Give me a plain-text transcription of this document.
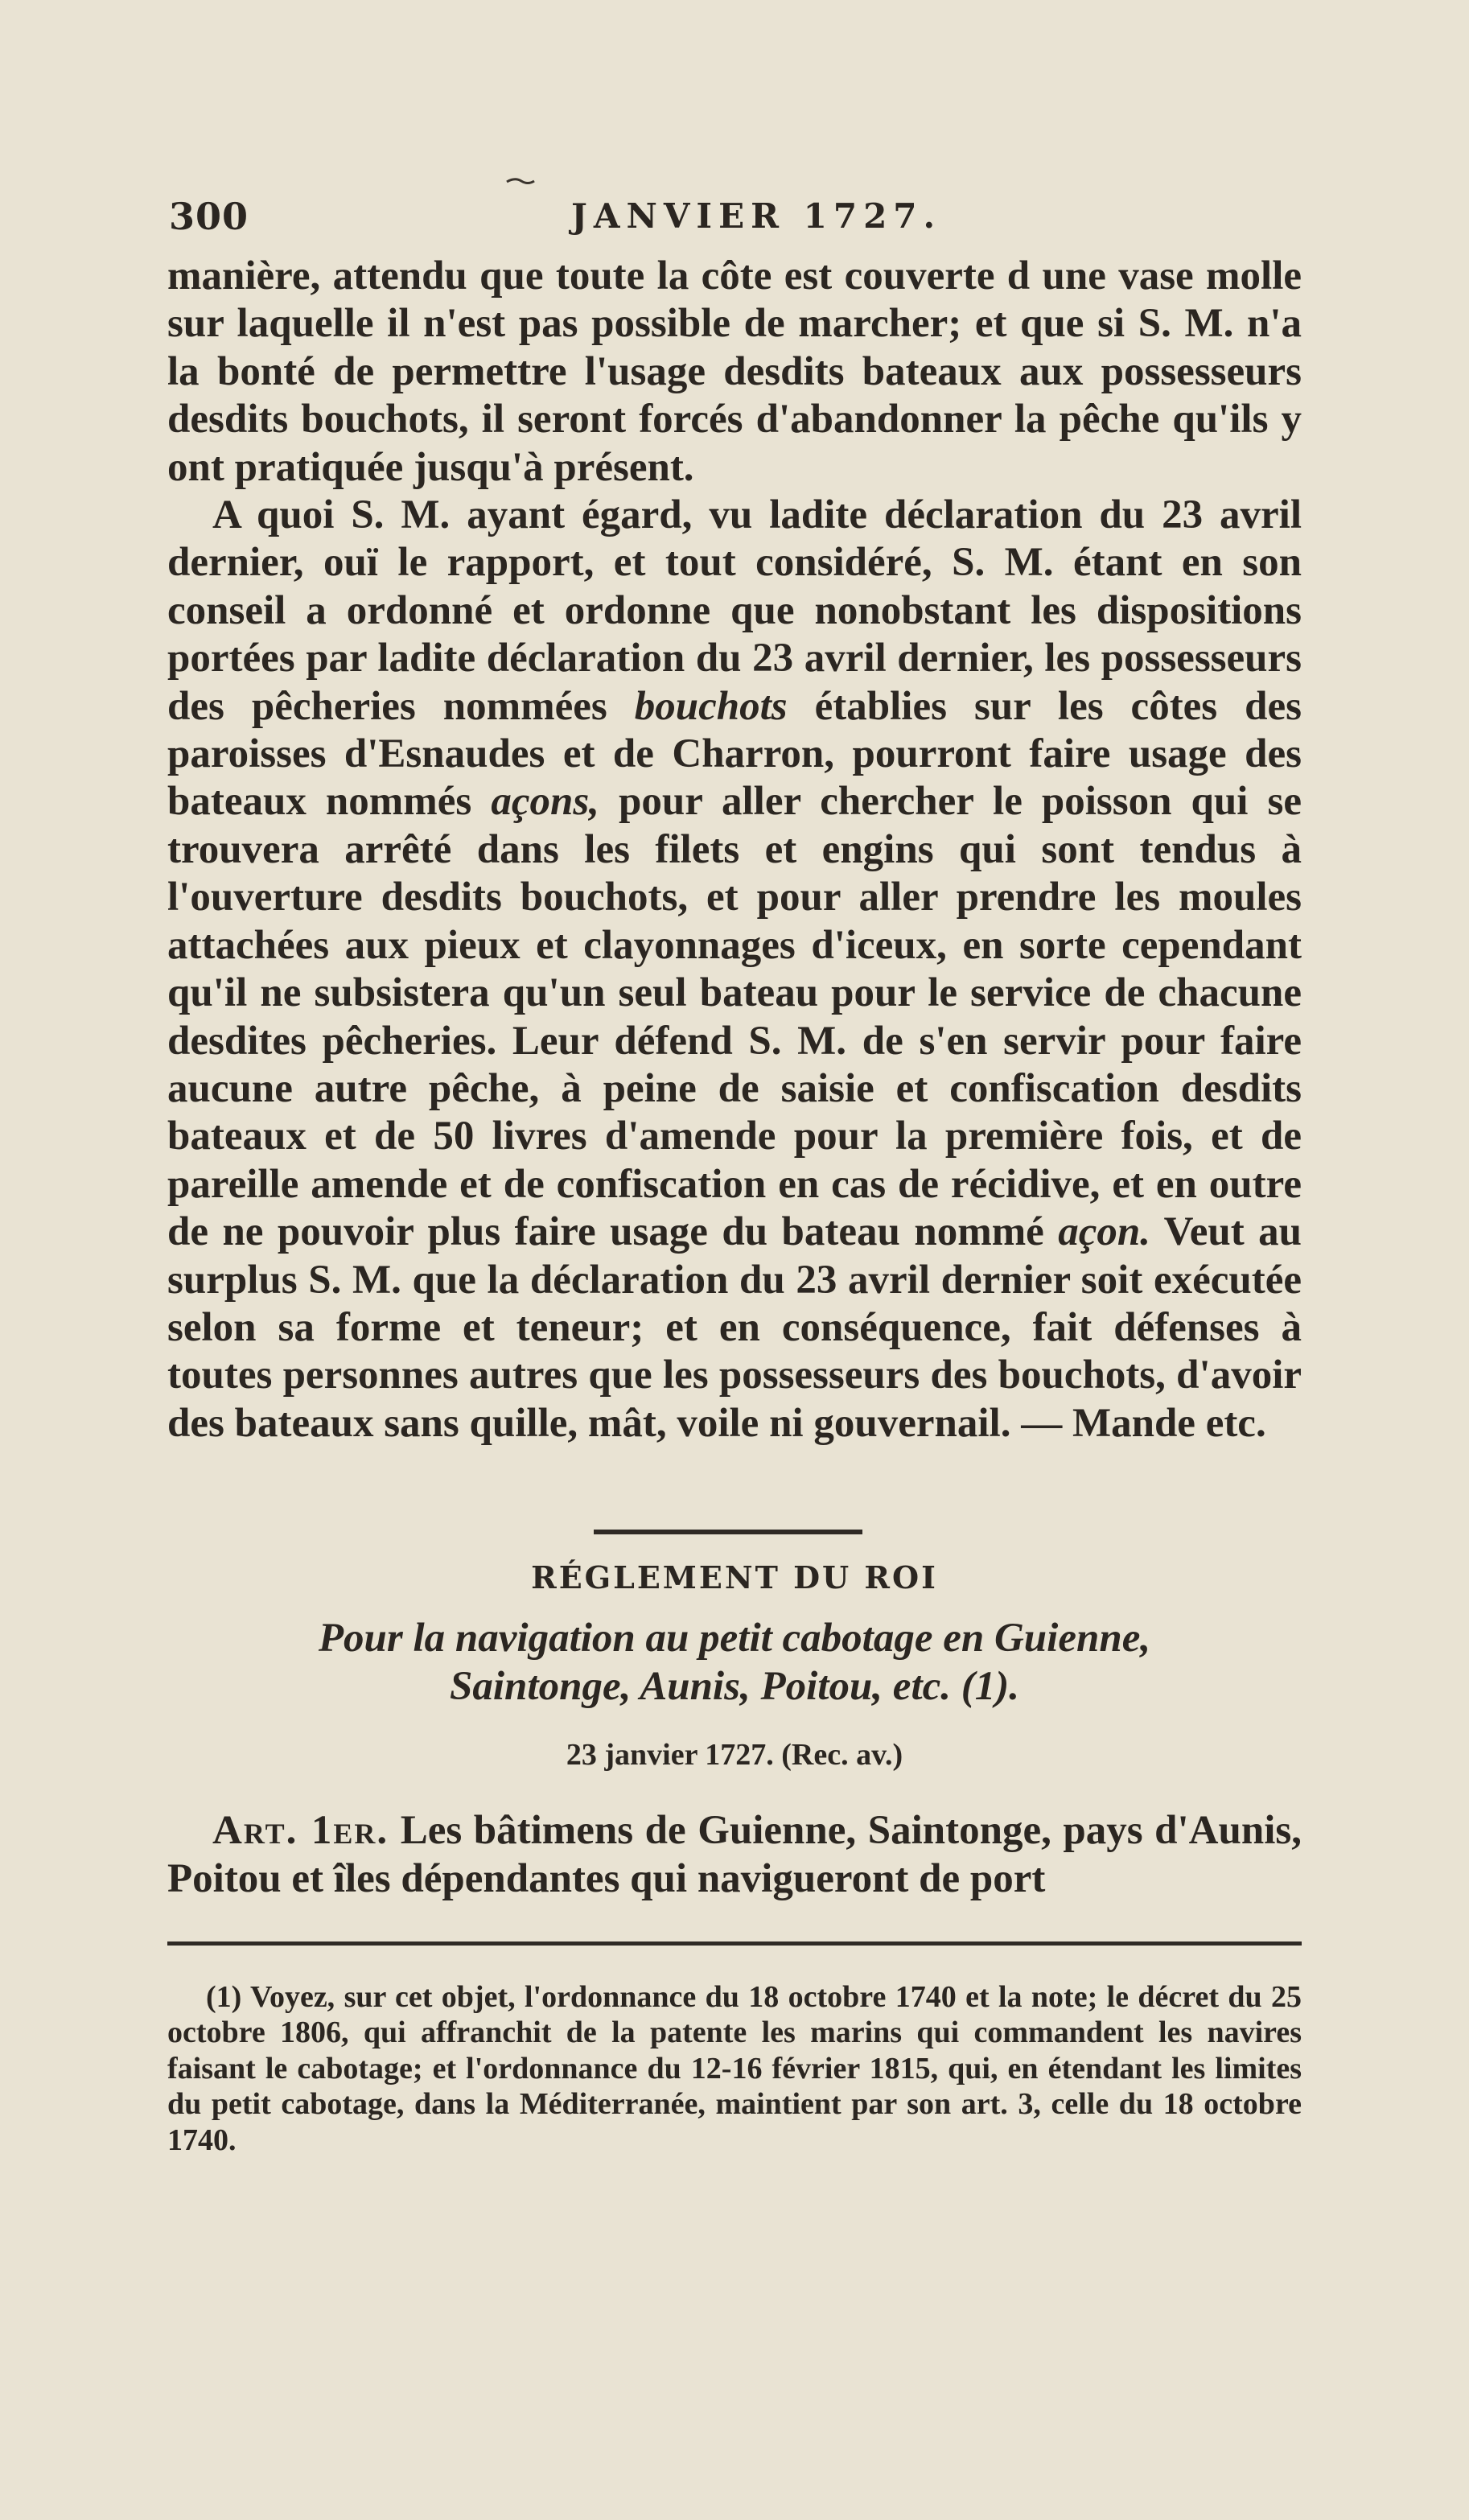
300	JANVIER 1727.

manière, attendu que toute la côte est couverte d une vase molle sur laquelle il n'est pas possible de marcher; et que si S. M. n'a la bonté de permettre l'usage desdits bateaux aux possesseurs desdits bouchots, il seront forcés d'abandonner la pêche qu'ils y ont pratiquée jusqu'à présent.

A quoi S. M. ayant égard, vu ladite déclaration du 23 avril dernier, ouï le rapport, et tout considéré, S. M. étant en son conseil a ordonné et ordonne que nonobstant les dispositions portées par ladite déclaration du 23 avril dernier, les possesseurs des pêcheries nommées bouchots établies sur les côtes des paroisses d'Esnaudes et de Charron, pourront faire usage des bateaux nommés açons, pour aller chercher le poisson qui se trouvera arrêté dans les filets et engins qui sont tendus à l'ouverture desdits bouchots, et pour aller prendre les moules attachées aux pieux et clayonnages d'iceux, en sorte cependant qu'il ne subsistera qu'un seul bateau pour le service de chacune desdites pêcheries. Leur défend S. M. de s'en servir pour faire aucune autre pêche, à peine de saisie et confiscation desdits bateaux et de 50 livres d'amende pour la première fois, et de pareille amende et de confiscation en cas de récidive, et en outre de ne pouvoir plus faire usage du bateau nommé açon. Veut au surplus S. M. que la déclaration du 23 avril dernier soit exécutée selon sa forme et teneur; et en conséquence, fait défenses à toutes personnes autres que les possesseurs des bouchots, d'avoir des bateaux sans quille, mât, voile ni gouvernail. — Mande etc.

RÉGLEMENT DU ROI
Pour la navigation au petit cabotage en Guienne,
Saintonge, Aunis, Poitou, etc. (1).
23 janvier 1727. (Rec. av.)
Art. 1er. Les bâtimens de Guienne, Saintonge, pays d'Aunis, Poitou et îles dépendantes qui navigueront de port
(1) Voyez, sur cet objet, l'ordonnance du 18 octobre 1740 et la note; le décret du 25 octobre 1806, qui affranchit de la patente les marins qui commandent les navires faisant le cabotage; et l'ordonnance du 12-16 février 1815, qui, en étendant les limites du petit cabotage, dans la Méditerranée, maintient par son art. 3, celle du 18 octobre 1740.
